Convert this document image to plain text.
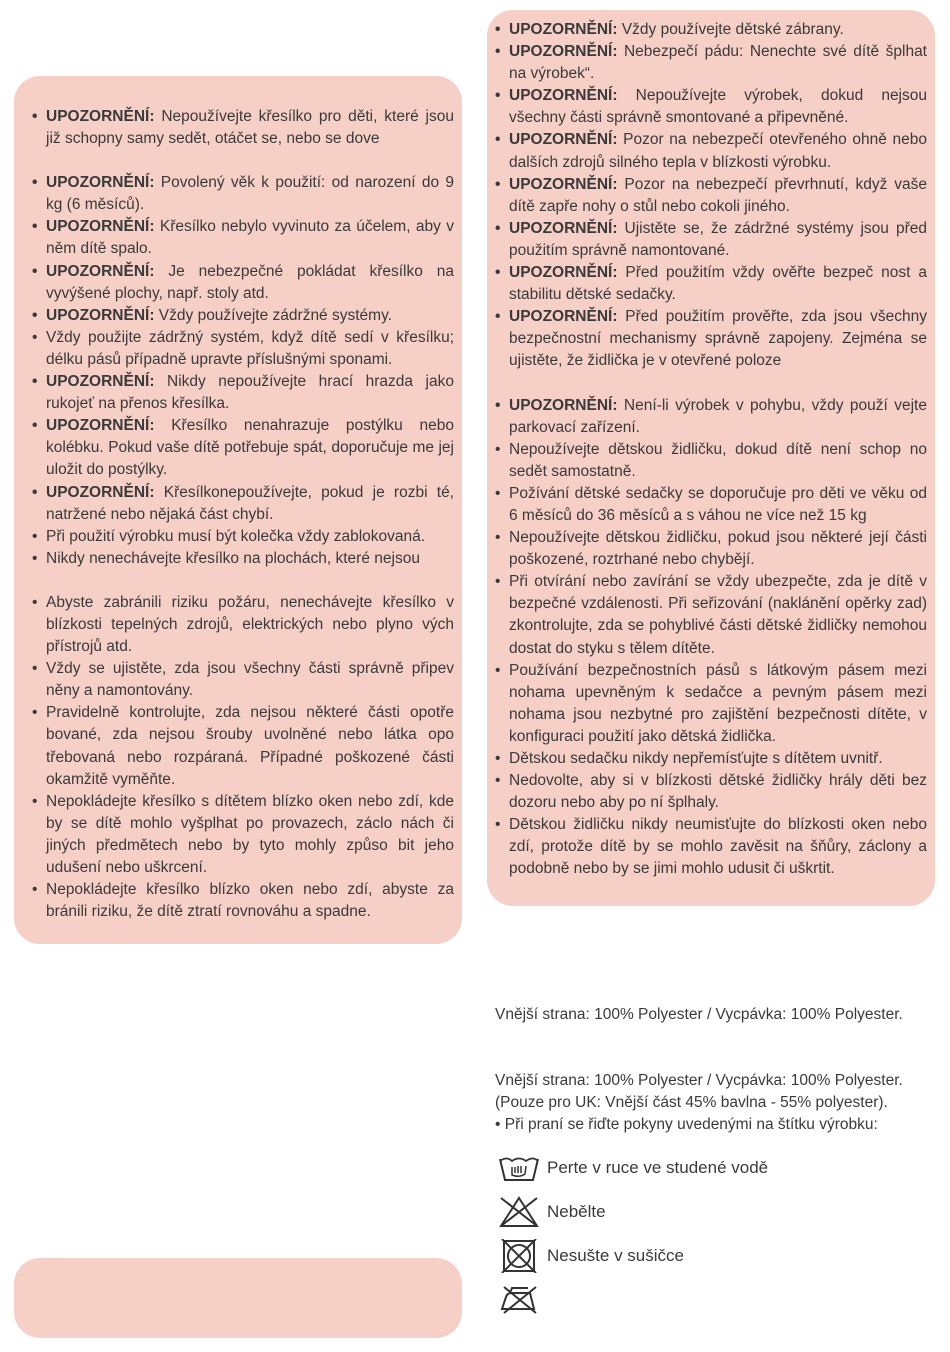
• UPOZORNĚNÍ: Nepoužívejte křesílko pro děti, které jsou již schopny samy sedět, otáčet se, nebo se dove
• UPOZORNĚNÍ: Povolený věk k použití: od narození do 9 kg (6 měsíců).
• UPOZORNĚNÍ: Křesílko nebylo vyvinuto za účelem, aby v něm dítě spalo.
• UPOZORNĚNÍ: Je nebezpečné pokládat křesílko na vyvýšené plochy, např. stoly atd.
• UPOZORNĚNÍ: Vždy používejte zádržné systémy.
• Vždy použijte zádržný systém, když dítě sedí v křesílku; délku pásů případně upravte příslušnými sponami.
• UPOZORNĚNÍ: Nikdy nepoužívejte hrací hrazda jako rukojeť na přenos křesílka.
• UPOZORNĚNÍ: Křesílko nenahrazuje postýlku nebo kolébku. Pokud vaše dítě potřebuje spát, doporučuje me jej uložit do postýlky.
• UPOZORNĚNÍ: Křesílkonepoužívejte, pokud je rozbi té, natržené nebo nějaká část chybí.
• Při použití výrobku musí být kolečka vždy zablokovaná.
• Nikdy nenechávejte křesílko na plochách, které nejsou
• Abyste zabránili riziku požáru, nenechávejte křesílko v blízkosti tepelných zdrojů, elektrických nebo plyno vých přístrojů atd.
• Vždy se ujistěte, zda jsou všechny části správně připev něny a namontovány.
• Pravidelně kontrolujte, zda nejsou některé části opotře bované, zda nejsou šrouby uvolněné nebo látka opo třebovaná nebo rozpáraná. Případné poškozené části okamžitě vyměňte.
• Nepokládejte křesílko s dítětem blízko oken nebo zdí, kde by se dítě mohlo vyšplhat po provazech, záclo nách či jiných předmětech nebo by tyto mohly způso bit jeho udušení nebo uškrcení.
• Nepokládejte křesílko blízko oken nebo zdí, abyste za bránili riziku, že dítě ztratí rovnováhu a spadne.
• UPOZORNĚNÍ: Vždy používejte dětské zábrany.
• UPOZORNĚNÍ: Nebezpečí pádu: Nenechte své dítě šplhat na výrobek“.
• UPOZORNĚNÍ: Nepoužívejte výrobek, dokud nejsou všechny části správně smontované a připevněné.
• UPOZORNĚNÍ: Pozor na nebezpečí otevřeného ohně nebo dalších zdrojů silného tepla v blízkosti výrobku.
• UPOZORNĚNÍ: Pozor na nebezpečí převrhnutí, když vaše dítě zapře nohy o stůl nebo cokoli jiného.
• UPOZORNĚNÍ: Ujistěte se, že zádržné systémy jsou před použitím správně namontované.
• UPOZORNĚNÍ: Před použitím vždy ověřte bezpeč nost a stabilitu dětské sedačky.
• UPOZORNĚNÍ: Před použitím prověřte, zda jsou všechny bezpečnostní mechanismy správně zapojeny. Zejména se ujistěte, že židlička je v otevřené poloze
• UPOZORNĚNÍ: Není-li výrobek v pohybu, vždy použí vejte parkovací zařízení.
• Nepoužívejte dětskou židličku, dokud dítě není schop no sedět samostatně.
• Požívání dětské sedačky se doporučuje pro děti ve věku od 6 měsíců do 36 měsíců a s váhou ne více než 15 kg
• Nepoužívejte dětskou židličku, pokud jsou některé její části poškozené, roztrhané nebo chybějí.
• Při otvírání nebo zavírání se vždy ubezpečte, zda je dítě v bezpečné vzdálenosti. Při seřizování (naklánění opěrky zad) zkontrolujte, zda se pohyblivé části dětské židličky nemohou dostat do styku s tělem dítěte.
• Používání bezpečnostních pásů s látkovým pásem mezi nohama upevněným k sedačce a pevným pásem mezi nohama jsou nezbytné pro zajištění bezpečnosti dítěte, v konfiguraci použití jako dětská židlička.
• Dětskou sedačku nikdy nepřemísťujte s dítětem uvnitř.
• Nedovolte, aby si v blízkosti dětské židličky hrály děti bez dozoru nebo aby po ní šplhaly.
• Dětskou židličku nikdy neumisťujte do blízkosti oken nebo zdí, protože dítě by se mohlo zavěsit na šňůry, záclony a podobně nebo by se jimi mohlo udusit či uškrtit.
Vnější strana: 100% Polyester / Vycpávka: 100% Polyester.
Vnější strana: 100% Polyester / Vycpávka: 100% Polyester.
(Pouze pro UK: Vnější část 45% bavlna - 55% polyester).
• Při praní se řiďte pokyny uvedenými na štítku výrobku:
Perte v ruce ve studené vodě
Nebělte
Nesušte v sušičce
